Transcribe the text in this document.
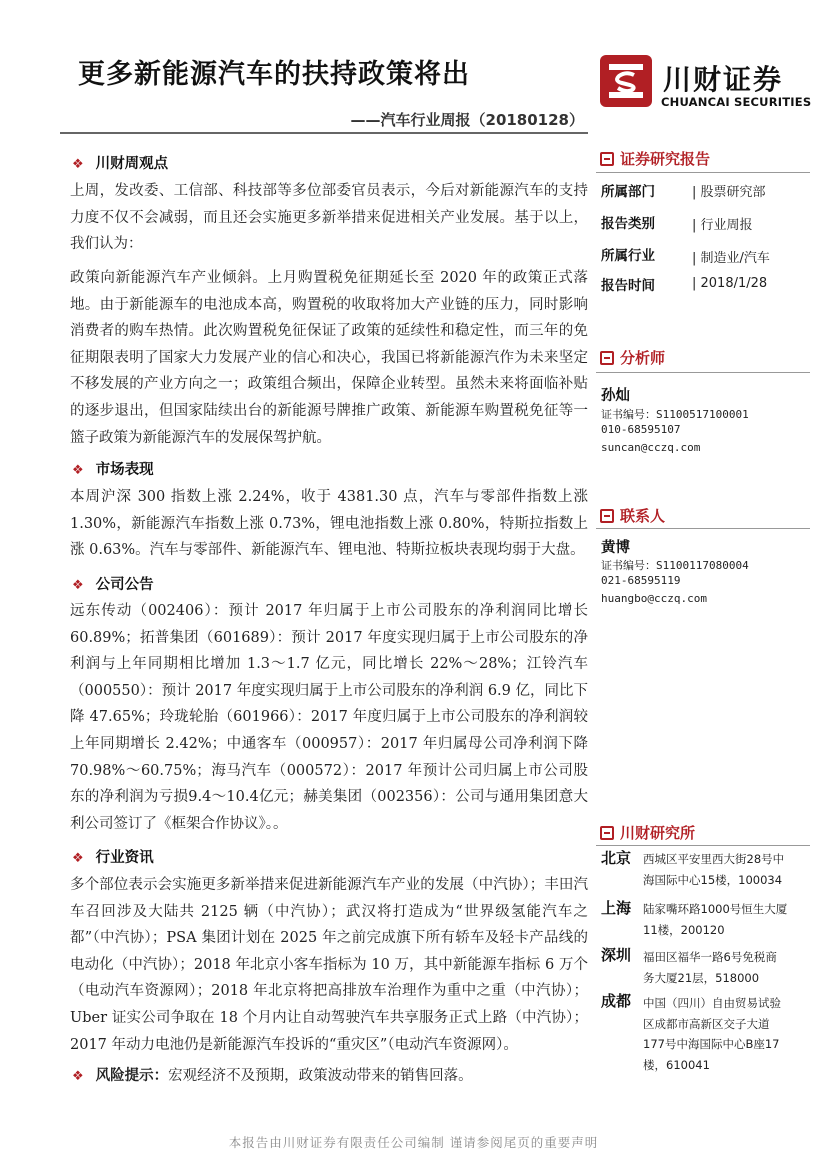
更多新能源汽车的扶持政策将出
——汽车行业周报（20180128）
川财证券
CHUANCAI SECURITIES
❖ 川财周观点
上周，发改委、工信部、科技部等多位部委官员表示，今后对新能源汽车的支持力度不仅不会减弱，而且还会实施更多新举措来促进相关产业发展。基于以上，我们认为：
政策向新能源汽车产业倾斜。上月购置税免征期延长至 2020 年的政策正式落地。由于新能源车的电池成本高，购置税的收取将加大产业链的压力，同时影响消费者的购车热情。此次购置税免征保证了政策的延续性和稳定性，而三年的免征期限表明了国家大力发展产业的信心和决心，我国已将新能源汽作为未来坚定不移发展的产业方向之一；政策组合频出，保障企业转型。虽然未来将面临补贴的逐步退出，但国家陆续出台的新能源号牌推广政策、新能源车购置税免征等一篮子政策为新能源汽车的发展保驾护航。
❖ 市场表现
本周沪深 300 指数上涨 2.24%，收于 4381.30 点，汽车与零部件指数上涨 1.30%，新能源汽车指数上涨 0.73%，锂电池指数上涨 0.80%，特斯拉指数上涨 0.63%。汽车与零部件、新能源汽车、锂电池、特斯拉板块表现均弱于大盘。
❖ 公司公告
远东传动（002406）：预计 2017 年归属于上市公司股东的净利润同比增长 60.89%；拓普集团（601689）：预计 2017 年度实现归属于上市公司股东的净利润与上年同期相比增加 1.3～1.7 亿元，同比增长 22%～28%；江铃汽车（000550）：预计 2017 年度实现归属于上市公司股东的净利润 6.9 亿，同比下降 47.65%；玲珑轮胎（601966）：2017 年度归属于上市公司股东的净利润较上年同期增长 2.42%；中通客车（000957）：2017 年归属母公司净利润下降 70.98%～60.75%；海马汽车（000572）：2017 年预计公司归属上市公司股东的净利润为亏损9.4～10.4亿元；赫美集团（002356）：公司与通用集团意大利公司签订了《框架合作协议》。。
❖ 行业资讯
多个部位表示会实施更多新举措来促进新能源汽车产业的发展（中汽协）；丰田汽车召回涉及大陆共 2125 辆（中汽协）；武汉将打造成为“世界级氢能汽车之都”（中汽协）；PSA 集团计划在 2025 年之前完成旗下所有轿车及轻卡产品线的电动化（中汽协）；2018 年北京小客车指标为 10 万，其中新能源车指标 6 万个（电动汽车资源网）；2018 年北京将把高排放车治理作为重中之重（中汽协）；Uber 证实公司争取在 18 个月内让自动驾驶汽车共享服务正式上路（中汽协）；2017 年动力电池仍是新能源汽车投诉的“重灾区”（电动汽车资源网）。
❖ 风险提示：宏观经济不及预期，政策波动带来的销售回落。
证券研究报告
所属部门	| 股票研究部
报告类别	| 行业周报
所属行业	| 制造业/汽车
报告时间	| 2018/1/28
分析师
孙灿
证书编号：S1100517100001
010-68595107
suncan@cczq.com
联系人
黄博
证书编号：S1100117080004
021-68595119
huangbo@cczq.com
川财研究所
北京 西城区平安里西大街28号中
海国际中心15楼，100034
上海 陆家嘴环路1000号恒生大厦
11楼，200120
深圳 福田区福华一路6号免税商
务大厦21层，518000
成都 中国（四川）自由贸易试验
区成都市高新区交子大道
177号中海国际中心B座17
楼，610041
本报告由川财证券有限责任公司编制 谨请参阅尾页的重要声明
